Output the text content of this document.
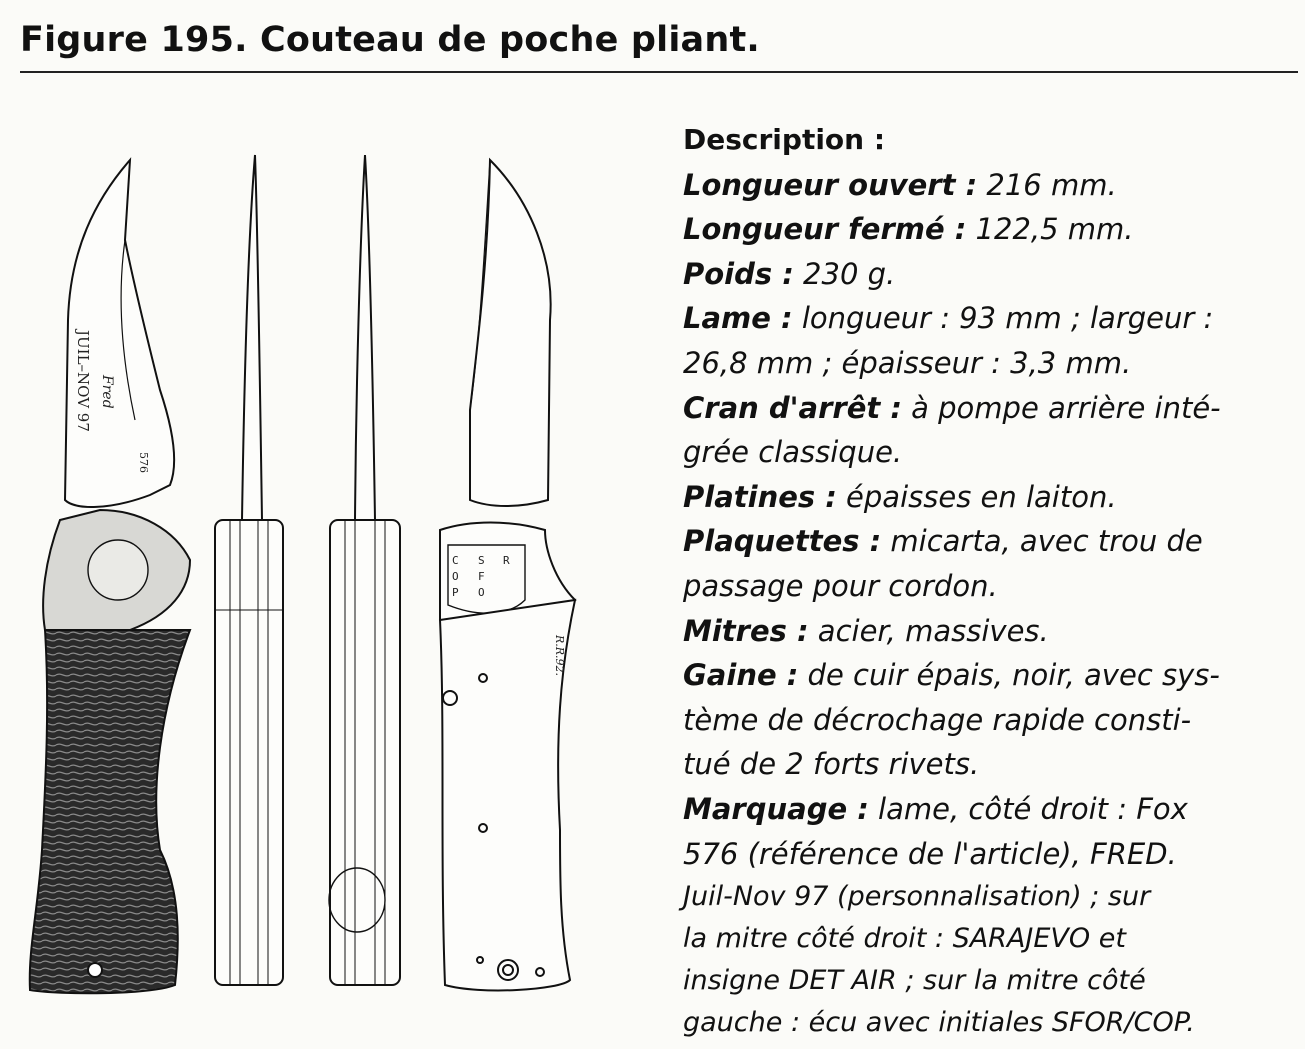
Figure 195. Couteau de poche pliant.
JUIL–NOV 97 Fred
576
C
O
P
S
F
O
R
R.R.92.
Description :
Longueur ouvert : 216 mm.
Longueur fermé : 122,5 mm.
Poids : 230 g.
Lame : longueur : 93 mm ; largeur :
26,8 mm ; épaisseur : 3,3 mm.
Cran d'arrêt : à pompe arrière inté-
grée classique.
Platines : épaisses en laiton.
Plaquettes : micarta, avec trou de
passage pour cordon.
Mitres : acier, massives.
Gaine : de cuir épais, noir, avec sys-
tème de décrochage rapide consti-
tué de 2 forts rivets.
Marquage : lame, côté droit : Fox
576 (référence de l'article), FRED.
Juil-Nov 97 (personnalisation) ; sur
la mitre côté droit : SARAJEVO et
insigne DET AIR ; sur la mitre côté
gauche : écu avec initiales SFOR/COP.
